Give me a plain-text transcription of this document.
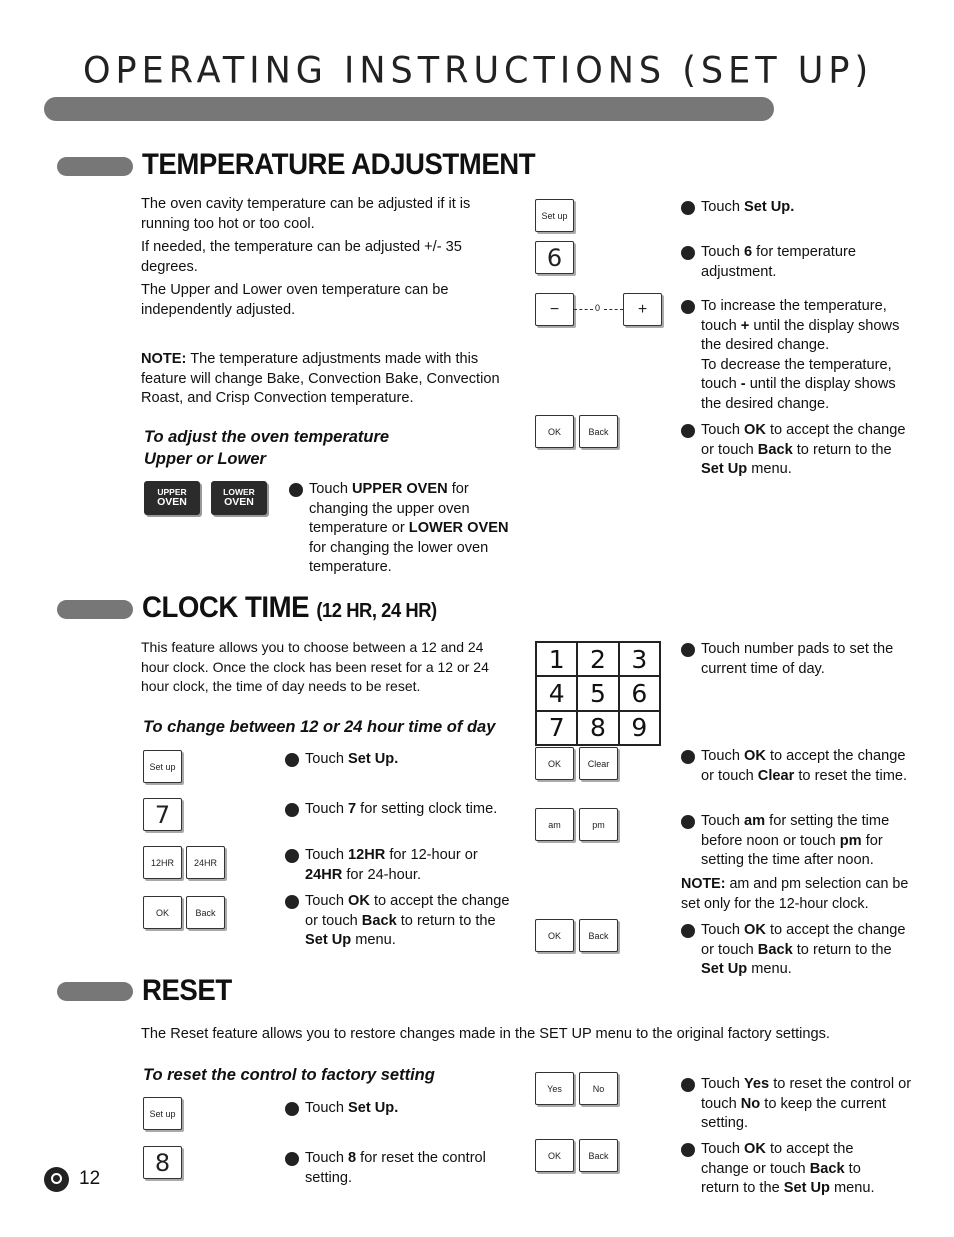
OPERATING INSTRUCTIONS (SET UP)
TEMPERATURE ADJUSTMENT
The oven cavity temperature can be adjusted if it is running too hot or too cool.
If needed, the temperature can be adjusted +/- 35 degrees.
The Upper and Lower oven temperature can be independently adjusted.
NOTE: The temperature adjustments made with this feature will change Bake, Convection Bake, Convection Roast, and Crisp Convection temperature.
To adjust the oven temperature
Upper or Lower
UPPER
OVEN
LOWER
OVEN
1 Touch UPPER OVEN for changing the upper oven temperature or LOWER OVEN for changing the lower oven temperature.
Set up
6
−	0	+
OK	Back
2 Touch Set Up.
3 Touch 6 for temperature adjustment.
4 To increase the temperature, touch + until the display shows the desired change.
To decrease the temperature, touch - until the display shows the desired change.
5 Touch OK to accept the change or touch Back to return to the Set Up menu.
CLOCK TIME (12 HR, 24 HR)
This feature allows you to choose between a 12 and 24 hour clock. Once the clock has been reset for a 12 or 24 hour clock, the time of day needs to be reset.
To change between 12 or 24 hour time of day
Set up
7
12HR	24HR
OK	Back
1 Touch Set Up.
2 Touch 7 for setting clock time.
3 Touch 12HR for 12-hour or 24HR for 24-hour.
4 Touch OK to accept the change or touch Back to return to the Set Up menu.
1	2	3
4	5	6
7	8	9
OK	Clear
am	pm
OK	Back
5 Touch number pads to set the current time of day.
6 Touch OK to accept the change or touch Clear to reset the time.
7 Touch am for setting the time before noon or touch pm for setting the time after noon.
NOTE: am and pm selection can be set only for the 12-hour clock.
8 Touch OK to accept the change or touch Back to return to the Set Up menu.
RESET
The Reset feature allows you to restore changes made in the SET UP menu to the original factory settings.
To reset the control to factory setting
Set up
8
1 Touch Set Up.
2 Touch 8 for reset the control setting.
Yes	No
OK	Back
3 Touch Yes to reset the control or touch No to keep the current setting.
4 Touch OK to accept the change or touch Back to return to the Set Up menu.
12
